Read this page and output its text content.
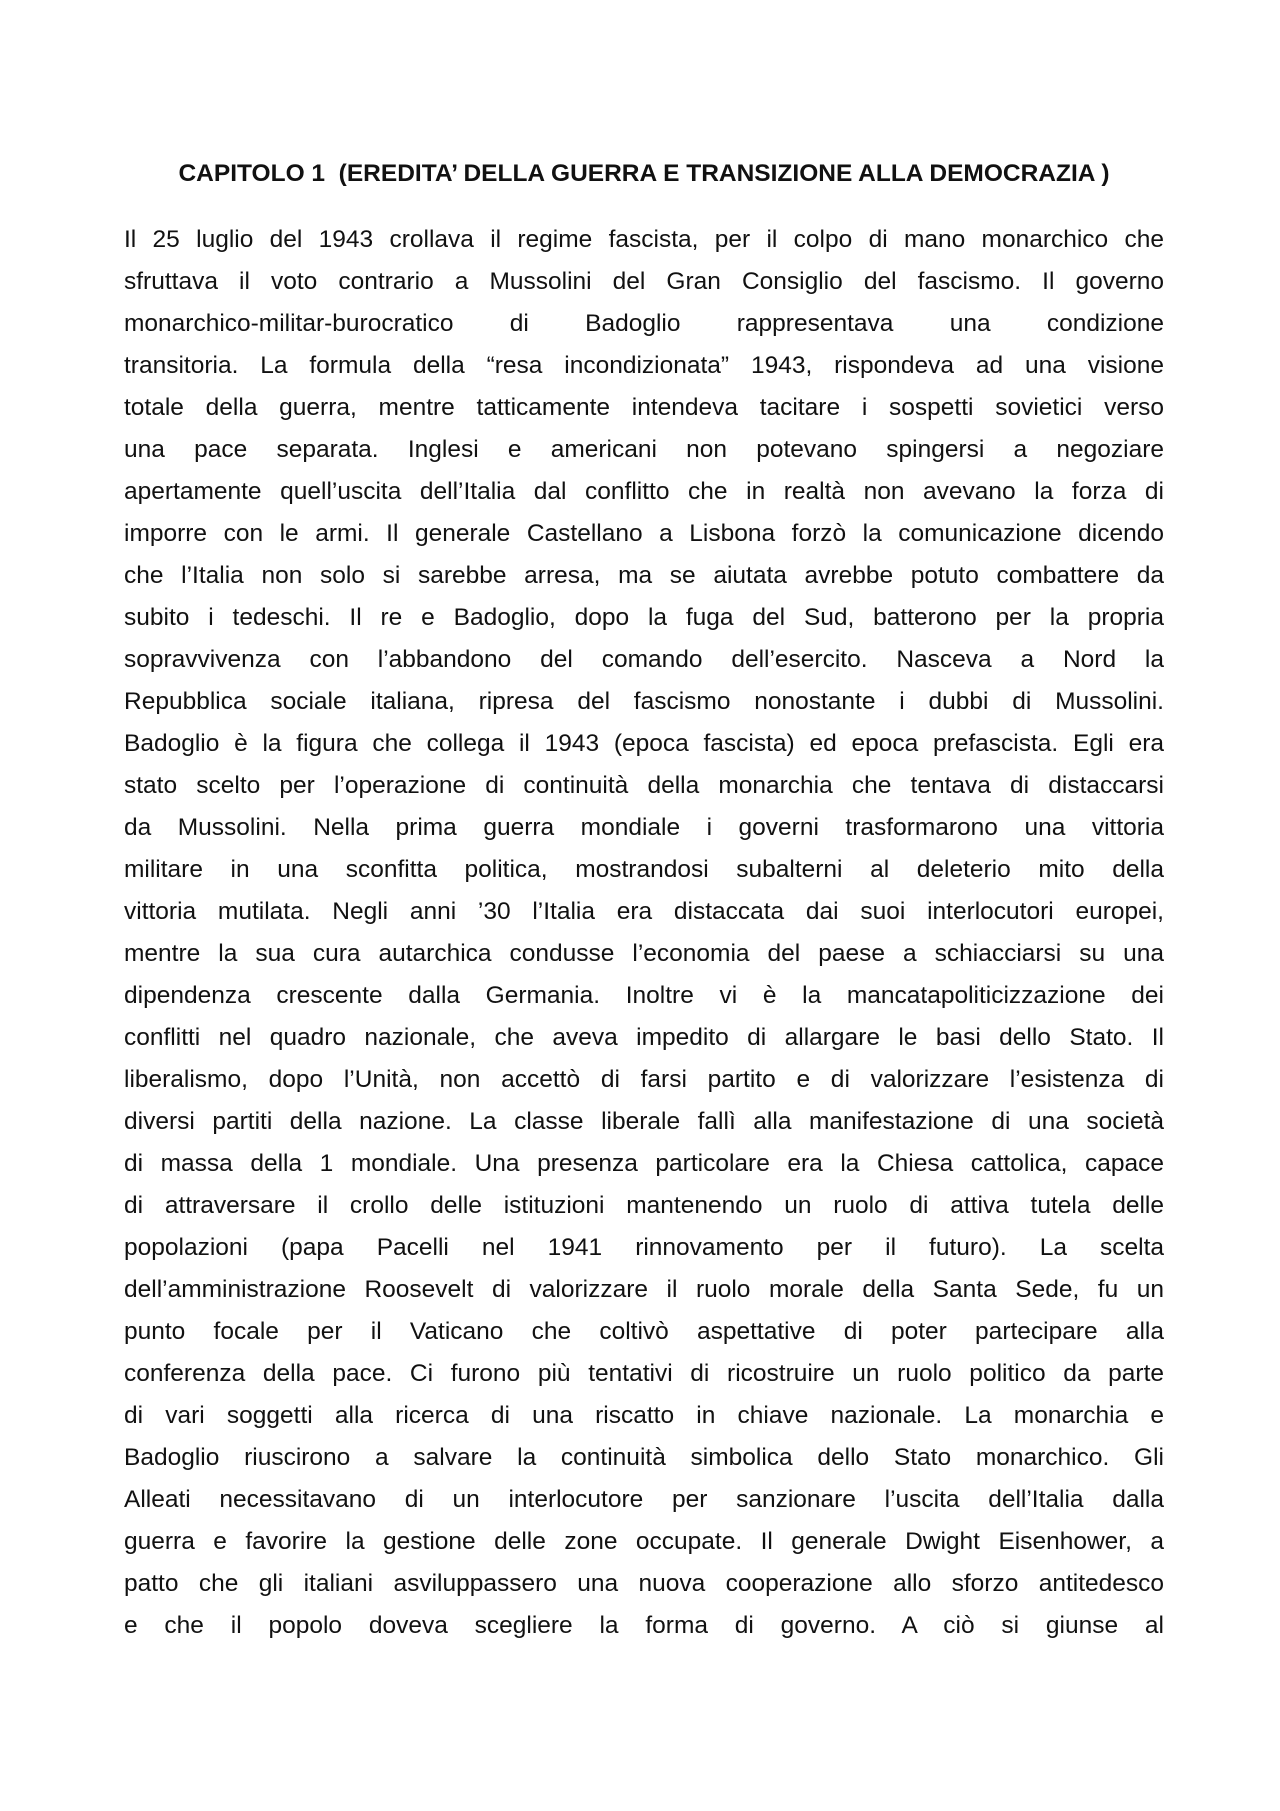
CAPITOLO 1  (EREDITA’ DELLA GUERRA E TRANSIZIONE ALLA DEMOCRAZIA )
Il 25 luglio del 1943 crollava il regime fascista, per il colpo di mano monarchico che
sfruttava il voto contrario a Mussolini del Gran Consiglio del fascismo. Il governo
monarchico-militar-burocratico di Badoglio rappresentava una condizione
transitoria. La formula della “resa incondizionata” 1943, rispondeva ad una visione
totale della guerra, mentre tatticamente intendeva tacitare i sospetti sovietici verso
una pace separata. Inglesi e americani non potevano spingersi a negoziare
apertamente quell’uscita dell’Italia dal conflitto che in realtà non avevano la forza di
imporre con le armi. Il generale Castellano a Lisbona forzò la comunicazione dicendo
che l’Italia non solo si sarebbe arresa, ma se aiutata avrebbe potuto combattere da
subito i tedeschi. Il re e Badoglio, dopo la fuga del Sud, batterono per la propria
sopravvivenza con l’abbandono del comando dell’esercito. Nasceva a Nord la
Repubblica sociale italiana, ripresa del fascismo nonostante i dubbi di Mussolini.
Badoglio è la figura che collega il 1943 (epoca fascista) ed epoca prefascista. Egli era
stato scelto per l’operazione di continuità della monarchia che tentava di distaccarsi
da Mussolini. Nella prima guerra mondiale i governi trasformarono una vittoria
militare in una sconfitta politica, mostrandosi subalterni al deleterio mito della
vittoria mutilata. Negli anni ’30 l’Italia era distaccata dai suoi interlocutori europei,
mentre la sua cura autarchica condusse l’economia del paese a schiacciarsi su una
dipendenza crescente dalla Germania. Inoltre vi è la mancatapoliticizzazione dei
conflitti nel quadro nazionale, che aveva impedito di allargare le basi dello Stato. Il
liberalismo, dopo l’Unità, non accettò di farsi partito e di valorizzare l’esistenza di
diversi partiti della nazione. La classe liberale fallì alla manifestazione di una società
di massa della 1 mondiale. Una presenza particolare era la Chiesa cattolica, capace
di attraversare il crollo delle istituzioni mantenendo un ruolo di attiva tutela delle
popolazioni (papa Pacelli nel 1941 rinnovamento per il futuro). La scelta
dell’amministrazione Roosevelt di valorizzare il ruolo morale della Santa Sede, fu un
punto focale per il Vaticano che coltivò aspettative di poter partecipare alla
conferenza della pace. Ci furono più tentativi di ricostruire un ruolo politico da parte
di vari soggetti alla ricerca di una riscatto in chiave nazionale. La monarchia e
Badoglio riuscirono a salvare la continuità simbolica dello Stato monarchico. Gli
Alleati necessitavano di un interlocutore per sanzionare l’uscita dell’Italia dalla
guerra e favorire la gestione delle zone occupate. Il generale Dwight Eisenhower, a
patto che gli italiani asviluppassero una nuova cooperazione allo sforzo antitedesco
e che il popolo doveva scegliere la forma di governo. A ciò si giunse al
